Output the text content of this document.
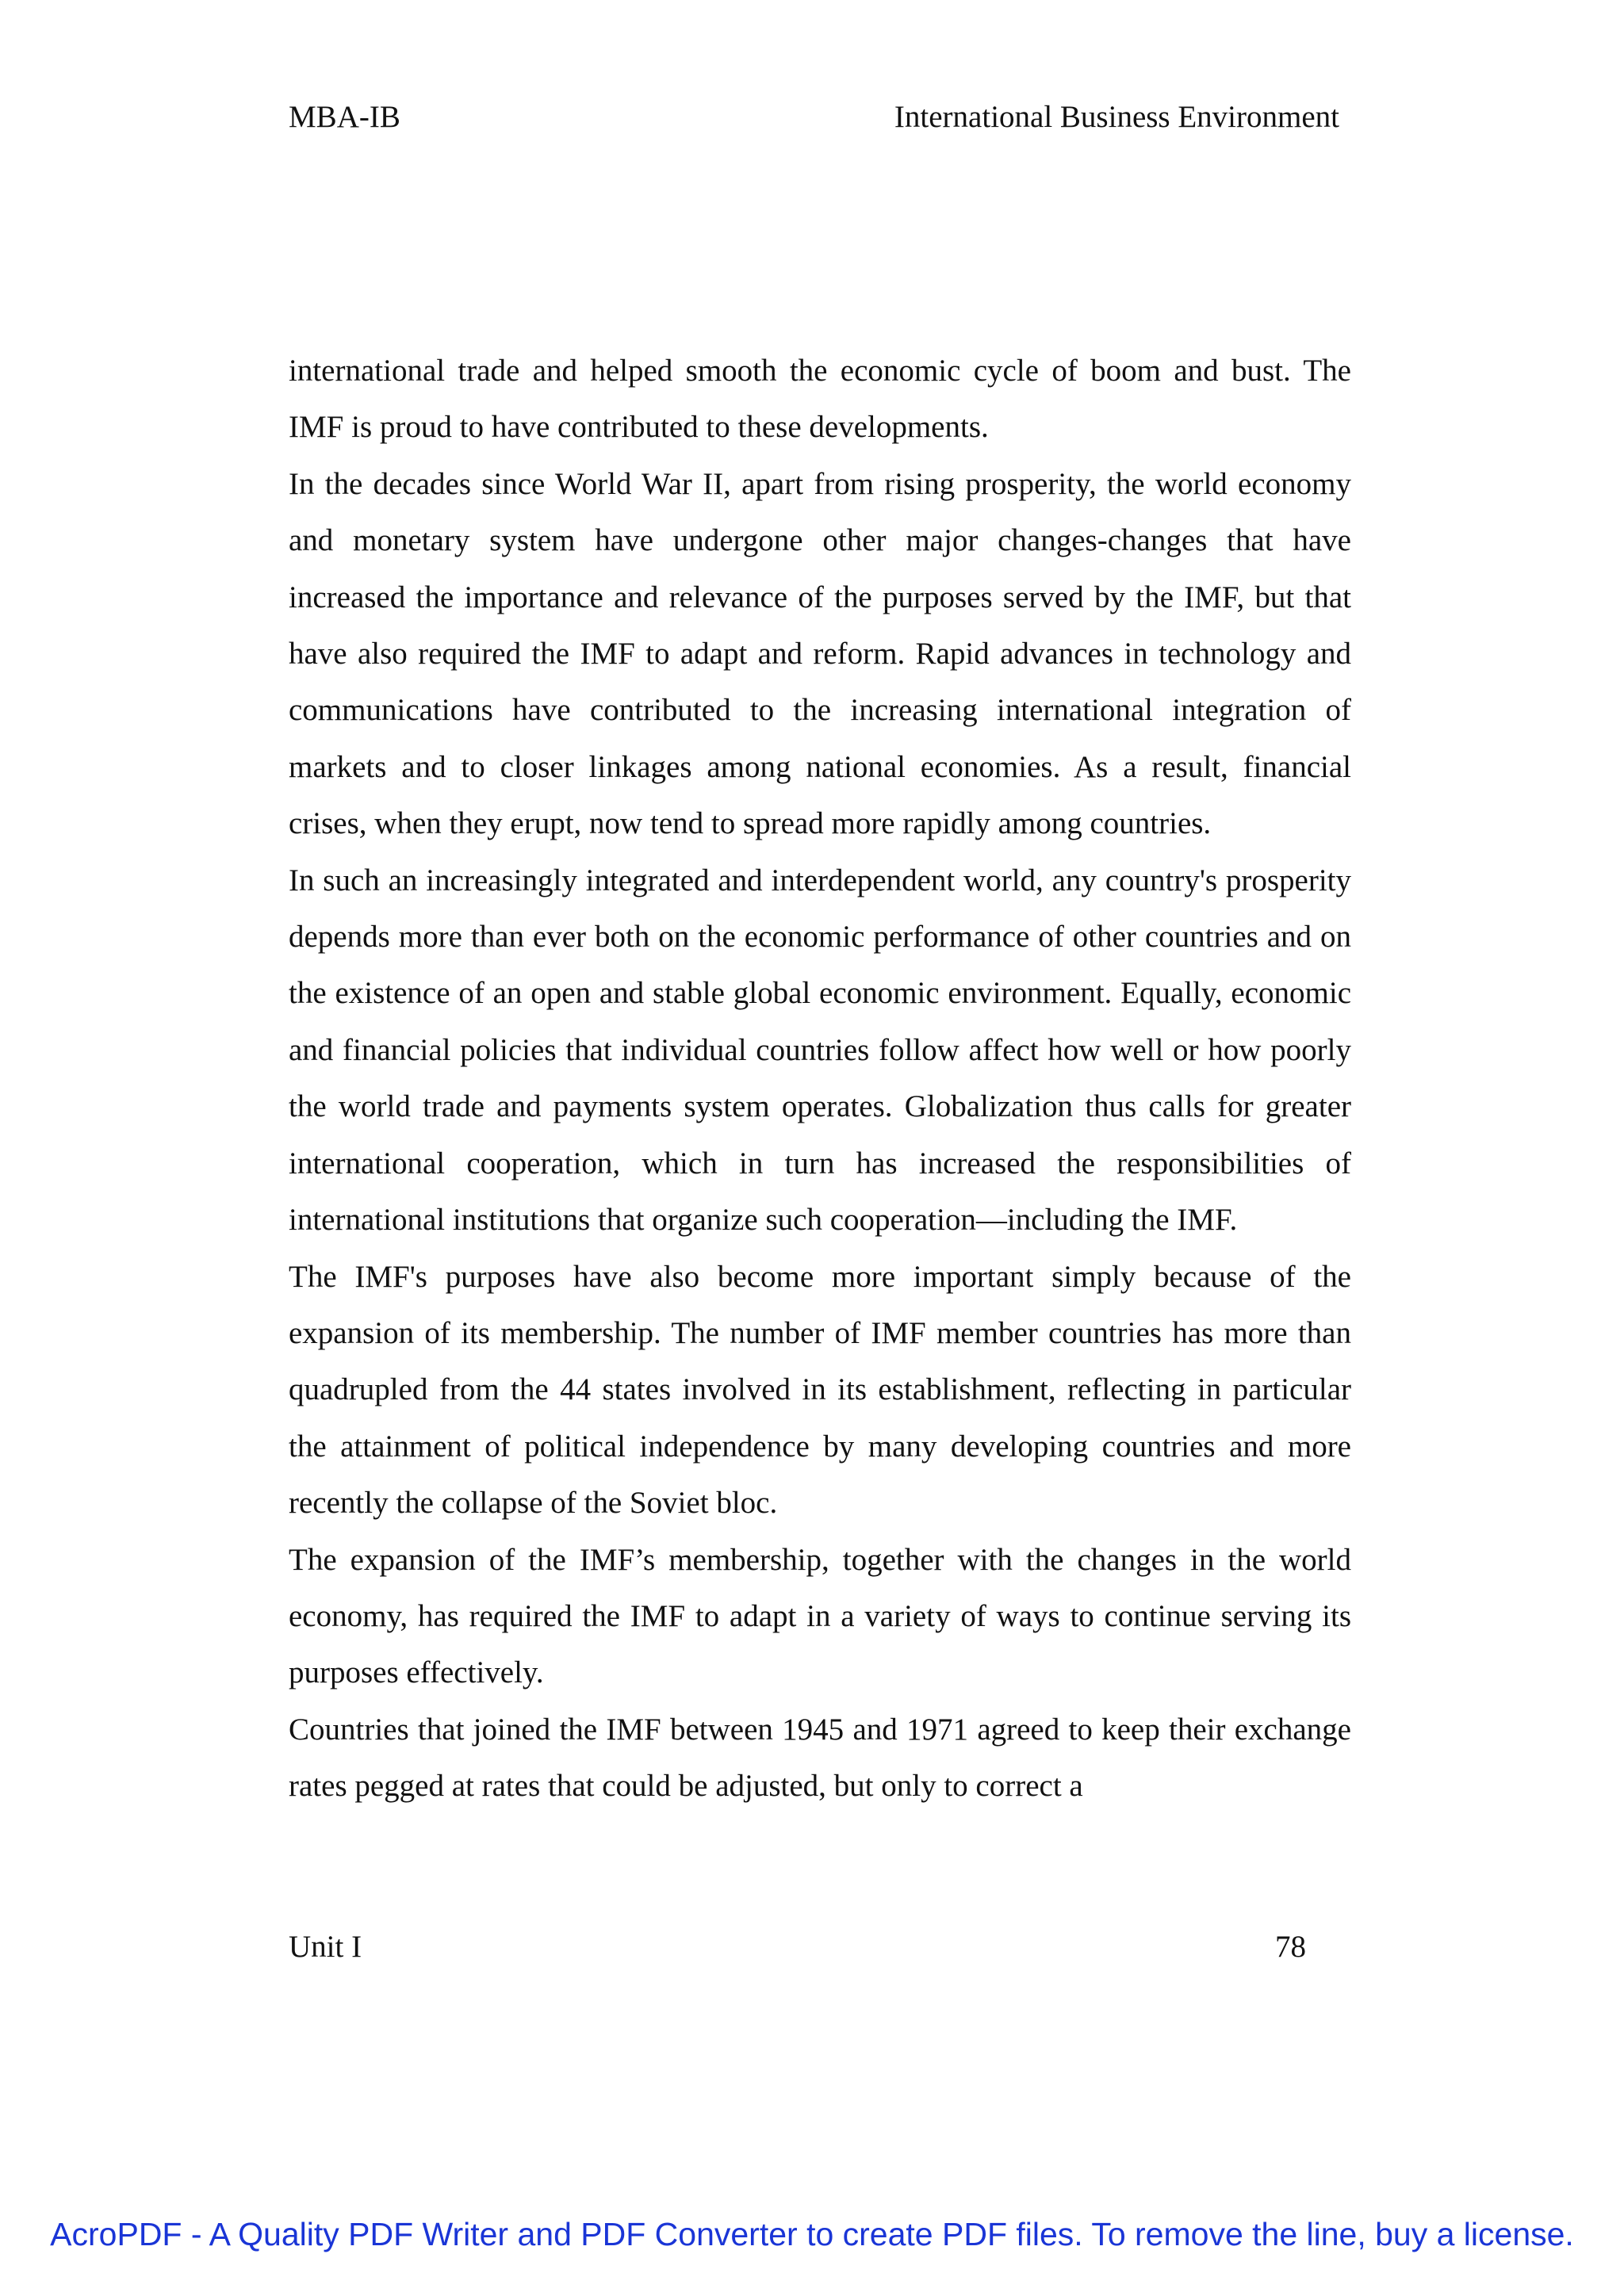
MBA-IB	International Business Environment

international trade and helped smooth the economic cycle of boom and bust. The IMF is proud to have contributed to these developments.

In the decades since World War II, apart from rising prosperity, the world economy and monetary system have undergone other major changes-changes that have increased the importance and relevance of the purposes served by the IMF, but that have also required the IMF to adapt and reform. Rapid advances in technology and communications have contributed to the increasing international integration of markets and to closer linkages among national economies. As a result, financial crises, when they erupt, now tend to spread more rapidly among countries.

In such an increasingly integrated and interdependent world, any country's prosperity depends more than ever both on the economic performance of other countries and on the existence of an open and stable global economic environment. Equally, economic and financial policies that individual countries follow affect how well or how poorly the world trade and payments system operates. Globalization thus calls for greater international cooperation, which in turn has increased the responsibilities of international institutions that organize such cooperation—including the IMF.

The IMF's purposes have also become more important simply because of the expansion of its membership. The number of IMF member countries has more than quadrupled from the 44 states involved in its establishment, reflecting in particular the attainment of political independence by many developing countries and more recently the collapse of the Soviet bloc.

The expansion of the IMF’s membership, together with the changes in the world economy, has required the IMF to adapt in a variety of ways to continue serving its purposes effectively.

Countries that joined the IMF between 1945 and 1971 agreed to keep their exchange rates pegged at rates that could be adjusted, but only to correct a

Unit I	78
AcroPDF - A Quality PDF Writer and PDF Converter to create PDF files. To remove the line, buy a license.
